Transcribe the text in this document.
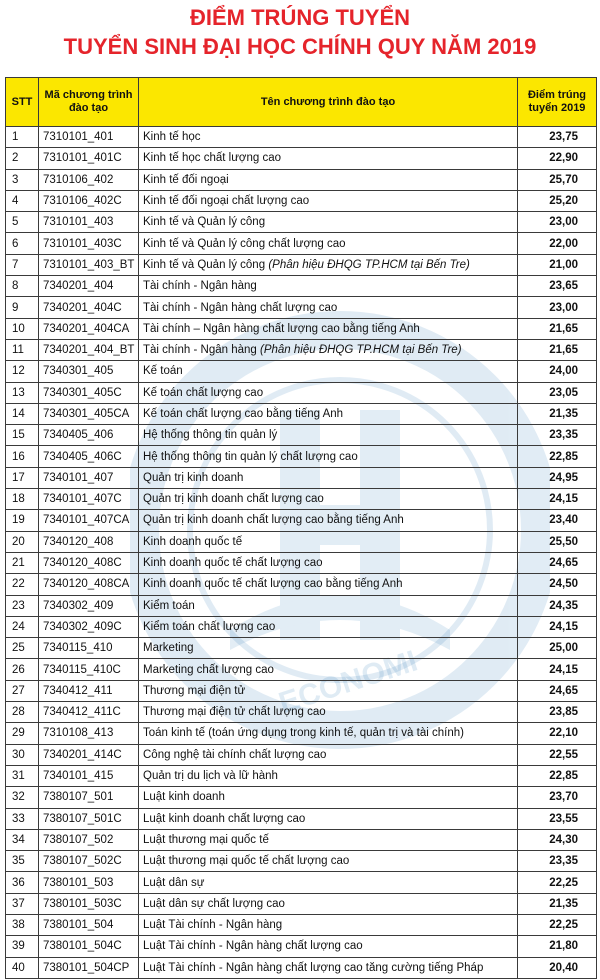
ĐIỂM TRÚNG TUYỂN
TUYỂN SINH ĐẠI HỌC CHÍNH QUY NĂM 2019
ECONOMI
STT	Mã chương trình đào tạo	Tên chương trình đào tạo	Điểm trúng tuyển 2019
1	7310101_401	Kinh tế học	23,75
2	7310101_401C	Kinh tế học chất lượng cao	22,90
3	7310106_402	Kinh tế đối ngoại	25,70
4	7310106_402C	Kinh tế đối ngoại chất lượng cao	25,20
5	7310101_403	Kinh tế và Quản lý công	23,00
6	7310101_403C	Kinh tế và Quản lý công chất lượng cao	22,00
7	7310101_403_BT	Kinh tế và Quản lý công (Phân hiệu ĐHQG TP.HCM tại Bến Tre)	21,00
8	7340201_404	Tài chính - Ngân hàng	23,65
9	7340201_404C	Tài chính - Ngân hàng chất lượng cao	23,00
10	7340201_404CA	Tài chính – Ngân hàng chất lượng cao bằng tiếng Anh	21,65
11	7340201_404_BT	Tài chính - Ngân hàng (Phân hiệu ĐHQG TP.HCM tại Bến Tre)	21,65
12	7340301_405	Kế toán	24,00
13	7340301_405C	Kế toán chất lượng cao	23,05
14	7340301_405CA	Kế toán chất lượng cao bằng tiếng Anh	21,35
15	7340405_406	Hệ thống thông tin quản lý	23,35
16	7340405_406C	Hệ thống thông tin quản lý chất lượng cao	22,85
17	7340101_407	Quản trị kinh doanh	24,95
18	7340101_407C	Quản trị kinh doanh chất lượng cao	24,15
19	7340101_407CA	Quản trị kinh doanh chất lượng cao bằng tiếng Anh	23,40
20	7340120_408	Kinh doanh quốc tế	25,50
21	7340120_408C	Kinh doanh quốc tế chất lượng cao	24,65
22	7340120_408CA	Kinh doanh quốc tế chất lượng cao bằng tiếng Anh	24,50
23	7340302_409	Kiểm toán	24,35
24	7340302_409C	Kiểm toán chất lượng cao	24,15
25	7340115_410	Marketing	25,00
26	7340115_410C	Marketing chất lượng cao	24,15
27	7340412_411	Thương mại điện tử	24,65
28	7340412_411C	Thương mại điện tử chất lượng cao	23,85
29	7310108_413	Toán kinh tế (toán ứng dụng trong kinh tế, quản trị và tài chính)	22,10
30	7340201_414C	Công nghệ tài chính chất lượng cao	22,55
31	7340101_415	Quản trị du lịch và lữ hành	22,85
32	7380107_501	Luật kinh doanh	23,70
33	7380107_501C	Luật kinh doanh chất lượng cao	23,55
34	7380107_502	Luật thương mại quốc tế	24,30
35	7380107_502C	Luật thương mại quốc tế chất lượng cao	23,35
36	7380101_503	Luật dân sự	22,25
37	7380101_503C	Luật dân sự chất lượng cao	21,35
38	7380101_504	Luật Tài chính - Ngân hàng	22,25
39	7380101_504C	Luật Tài chính - Ngân hàng chất lượng cao	21,80
40	7380101_504CP	Luật Tài chính - Ngân hàng chất lượng cao tăng cường tiếng Pháp	20,40
